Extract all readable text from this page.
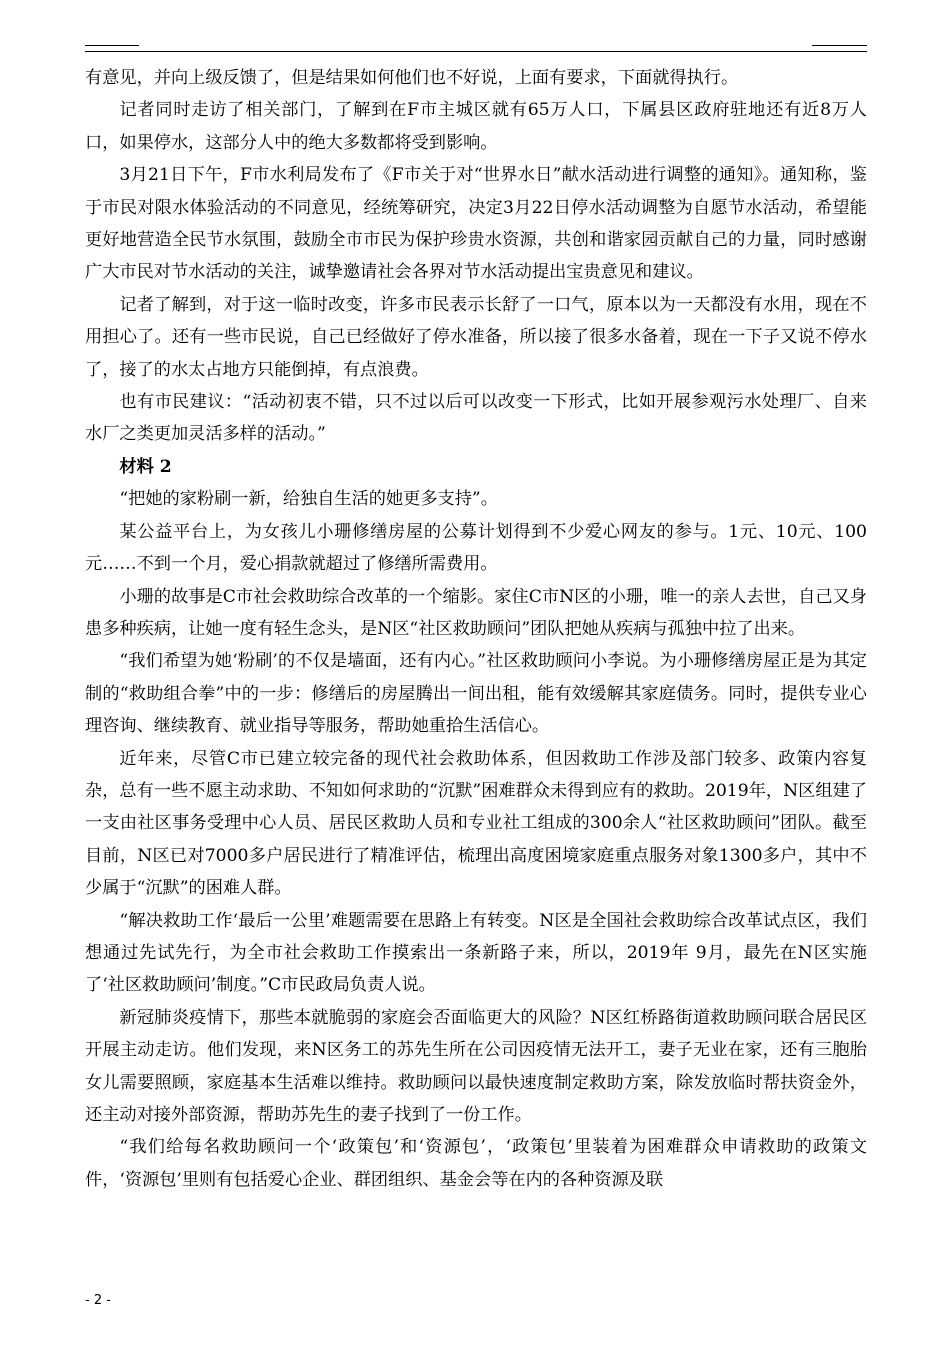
有意见，并向上级反馈了，但是结果如何他们也不好说，上面有要求，下面就得执行。

记者同时走访了相关部门，了解到在F市主城区就有65万人口，下属县区政府驻地还有近8万人口，如果停水，这部分人中的绝大多数都将受到影响。

3月21日下午，F市水利局发布了《F市关于对“世界水日”献水活动进行调整的通知》。通知称，鉴于市民对限水体验活动的不同意见，经统筹研究，决定3月22日停水活动调整为自愿节水活动，希望能更好地营造全民节水氛围，鼓励全市市民为保护珍贵水资源，共创和谐家园贡献自己的力量，同时感谢广大市民对节水活动的关注，诚挚邀请社会各界对节水活动提出宝贵意见和建议。

记者了解到，对于这一临时改变，许多市民表示长舒了一口气，原本以为一天都没有水用，现在不用担心了。还有一些市民说，自己已经做好了停水准备，所以接了很多水备着，现在一下子又说不停水了，接了的水太占地方只能倒掉，有点浪费。

也有市民建议：“活动初衷不错，只不过以后可以改变一下形式，比如开展参观污水处理厂、自来水厂之类更加灵活多样的活动。”

材料 2

“把她的家粉刷一新，给独自生活的她更多支持”。

某公益平台上，为女孩儿小珊修缮房屋的公募计划得到不少爱心网友的参与。1元、10元、100元……不到一个月，爱心捐款就超过了修缮所需费用。

小珊的故事是C市社会救助综合改革的一个缩影。家住C市N区的小珊，唯一的亲人去世，自己又身患多种疾病，让她一度有轻生念头，是N区“社区救助顾问”团队把她从疾病与孤独中拉了出来。

“我们希望为她‘粉刷’的不仅是墙面，还有内心。”社区救助顾问小李说。为小珊修缮房屋正是为其定制的“救助组合拳”中的一步：修缮后的房屋腾出一间出租，能有效缓解其家庭债务。同时，提供专业心理咨询、继续教育、就业指导等服务，帮助她重拾生活信心。

近年来，尽管C市已建立较完备的现代社会救助体系，但因救助工作涉及部门较多、政策内容复杂，总有一些不愿主动求助、不知如何求助的“沉默”困难群众未得到应有的救助。2019年，N区组建了一支由社区事务受理中心人员、居民区救助人员和专业社工组成的300余人“社区救助顾问”团队。截至目前，N区已对7000多户居民进行了精准评估，梳理出高度困境家庭重点服务对象1300多户，其中不少属于“沉默”的困难人群。

“解决救助工作‘最后一公里’难题需要在思路上有转变。N区是全国社会救助综合改革试点区，我们想通过先试先行，为全市社会救助工作摸索出一条新路子来，所以，2019年 9月，最先在N区实施了‘社区救助顾问’制度。”C市民政局负责人说。

新冠肺炎疫情下，那些本就脆弱的家庭会否面临更大的风险？N区红桥路街道救助顾问联合居民区开展主动走访。他们发现，来N区务工的苏先生所在公司因疫情无法开工，妻子无业在家，还有三胞胎女儿需要照顾，家庭基本生活难以维持。救助顾问以最快速度制定救助方案，除发放临时帮扶资金外，还主动对接外部资源，帮助苏先生的妻子找到了一份工作。

“我们给每名救助顾问一个‘政策包’和‘资源包’，‘政策包’里装着为困难群众申请救助的政策文件，‘资源包’里则有包括爱心企业、群团组织、基金会等在内的各种资源及联

- 2 -
